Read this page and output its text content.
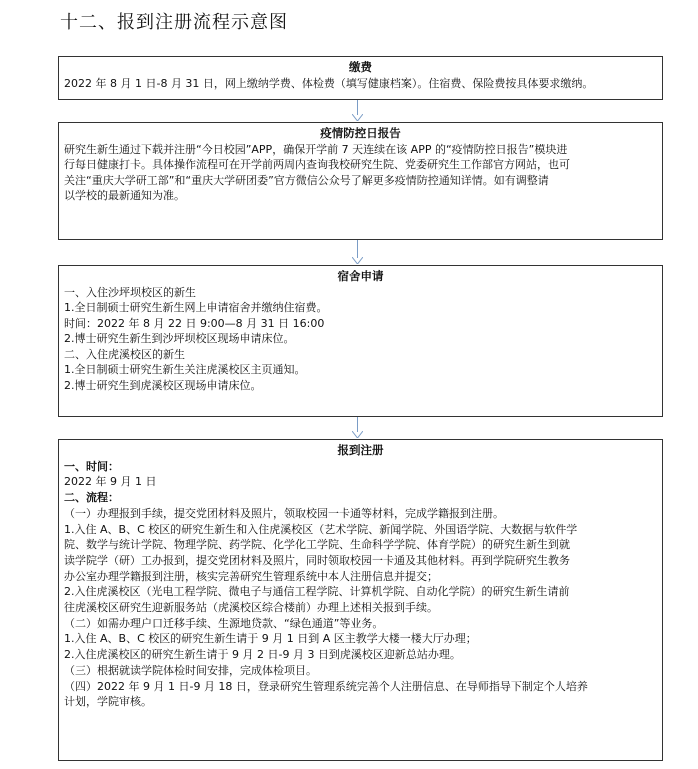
十二、报到注册流程示意图
缴费

2022 年 8 月 1 日-8 月 31 日，网上缴纳学费、体检费（填写健康档案）。住宿费、保险费按具体要求缴纳。

疫情防控日报告

研究生新生通过下载并注册“今日校园”APP，确保开学前 7 天连续在该 APP 的“疫情防控日报告”模块进

行每日健康打卡。具体操作流程可在开学前两周内查询我校研究生院、党委研究生工作部官方网站，也可

关注“重庆大学研工部”和“重庆大学研团委”官方微信公众号了解更多疫情防控通知详情。如有调整请

以学校的最新通知为准。

宿舍申请

一、入住沙坪坝校区的新生

1.全日制硕士研究生新生网上申请宿舍并缴纳住宿费。

时间：2022 年 8 月 22 日 9:00—8 月 31 日 16:00

2.博士研究生新生到沙坪坝校区现场申请床位。

二、入住虎溪校区的新生

1.全日制硕士研究生新生关注虎溪校区主页通知。

2.博士研究生到虎溪校区现场申请床位。

报到注册

一、时间：

2022 年 9 月 1 日

二、流程：

（一）办理报到手续，提交党团材料及照片，领取校园一卡通等材料，完成学籍报到注册。

1.入住 A、B、C 校区的研究生新生和入住虎溪校区（艺术学院、新闻学院、外国语学院、大数据与软件学

院、数学与统计学院、物理学院、药学院、化学化工学院、生命科学学院、体育学院）的研究生新生到就

读学院学（研）工办报到，提交党团材料及照片，同时领取校园一卡通及其他材料。再到学院研究生教务

办公室办理学籍报到注册，核实完善研究生管理系统中本人注册信息并提交；

2.入住虎溪校区（光电工程学院、微电子与通信工程学院、计算机学院、自动化学院）的研究生新生请前

往虎溪校区研究生迎新服务站（虎溪校区综合楼前）办理上述相关报到手续。

（二）如需办理户口迁移手续、生源地贷款、“绿色通道”等业务。

1.入住 A、B、C 校区的研究生新生请于 9 月 1 日到 A 区主教学大楼一楼大厅办理；

2.入住虎溪校区的研究生新生请于 9 月 2 日-9 月 3 日到虎溪校区迎新总站办理。

（三）根据就读学院体检时间安排，完成体检项目。

（四）2022 年 9 月 1 日-9 月 18 日，登录研究生管理系统完善个人注册信息、在导师指导下制定个人培养

计划，学院审核。
